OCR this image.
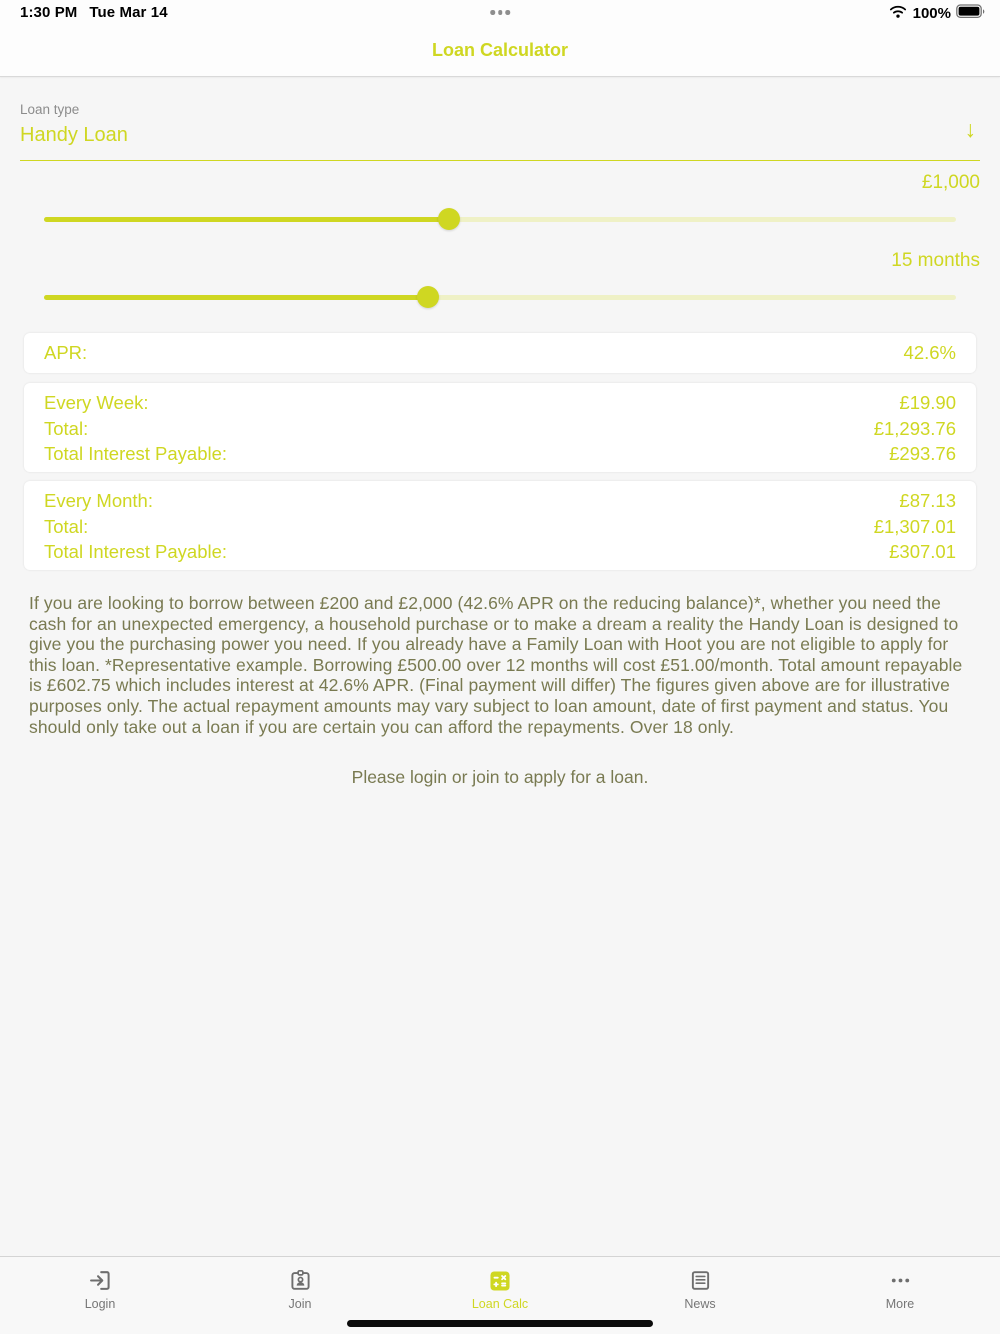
1:30 PM Tue Mar 14	100%
Loan Calculator
Loan type
Handy Loan	↓
£1,000
15 months
APR:	42.6%
Every Week:	£19.90
Total:	£1,293.76
Total Interest Payable:	£293.76
Every Month:	£87.13
Total:	£1,307.01
Total Interest Payable:	£307.01
If you are looking to borrow between £200 and £2,000 (42.6% APR on the reducing balance)*, whether you need the cash for an unexpected emergency, a household purchase or to make a dream a reality the Handy Loan is designed to give you the purchasing power you need. If you already have a Family Loan with Hoot you are not eligible to apply for this loan. *Representative example. Borrowing £500.00 over 12 months will cost £51.00/month. Total amount repayable is £602.75 which includes interest at 42.6% APR. (Final payment will differ) The figures given above are for illustrative purposes only. The actual repayment amounts may vary subject to loan amount, date of first payment and status. You should only take out a loan if you are certain you can afford the repayments. Over 18 only.
Please login or join to apply for a loan.
Login	Join	Loan Calc	News	More
